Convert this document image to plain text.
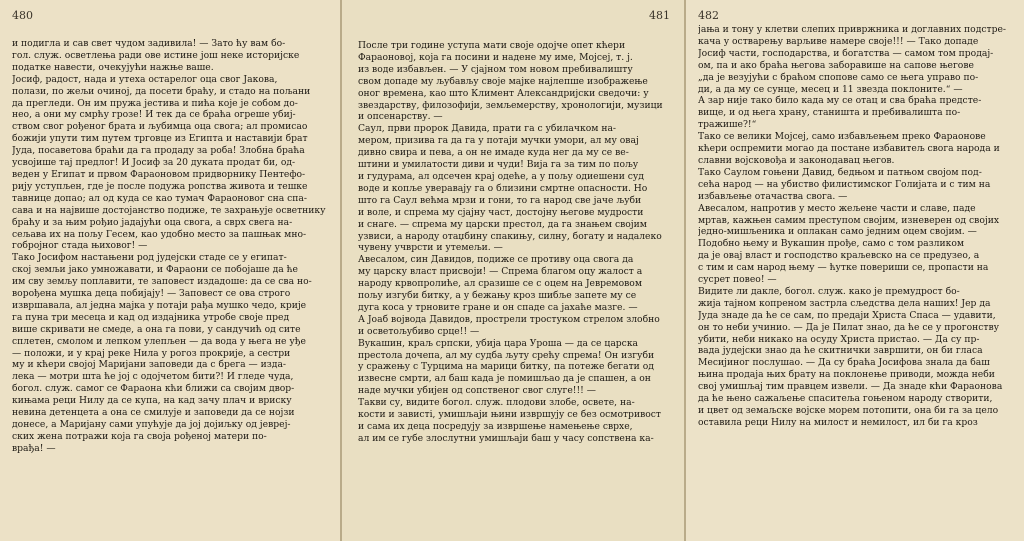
480
и подигла и сав свет чудом задивила! — Зато ћу вам бо-
гол. служ. осветлења ради ове истине још неке историјске
податке навести, очекујући нажње ваше.
Јосиф, радост, нада и утеха остарелог оца свог Јакова,
полази, по жељи очиној, да посети браћу, и стадо на пољани
да прегледи. Он им пружа јестива и пића које је собом до-
нео, а они му смрћу грозе! И тек да се браћа огреше убиј-
ством свог рођеног брата и љубимца оца свога; ал промисао
божији упути тим путем трговце из Египта и наставији брат
Јуда, посаветова браћи да га продаду за роба! Злобна браћа
усвојише тај предлог! И Јосиф за 20 дуката продат би, од-
веден у Египат и првом Фараоновом придворнику Пентефо-
рију уступљен, где је после подужа ропства живота и тешке
тавнице допао; ал од куда се као тумач Фараоновог сна спа-
сава и на највише достојанство подиже, те захрањује осветнику
браћу и за њим рођио јадајући оца свога, а сврх свега на-
сељава их на пољу Гесем, као удобно место за пашњак мно-
гобројног стада њиховог! —
Тако Јосифом настањени род јудејски стаде се у египат-
ској земљи јако умножавати, и Фараони се побојаше да ће
им сву земљу поплавити, те заповест издадоше: да се сва но-
ворођена мушка деца побијају! — Заповест се ова строго
извршавала, ал једна мајка у потаји рађа мушко чедо, крије
га пуна три месеца и кад од издајника утробе своје пред
више скривати не смеде, а она га пови, у сандучић од сите
сплетен, смолом и лепком улепљен — да вода у њега не уђе
— положи, и у крај реке Нила у рогоз прокријe, а сестри
му и кћери својој Маријани заповеди да с брега — изда-
лека — мотри шта ће јој с одојчетом бити?! И гледе чуда,
богол. служ. самог се Фараона кћи ближи са својим двор-
кињама реци Нилу да се купа, на кад зачу плач и вриску
невина детенцета а она се смилује и заповеди да се нојзи
донесе, а Маријану сами упућује да јој дојиљку од јевреј-
ских жена потражи која га своја рођеној матери по-
врађа! —
481
После три године уступа мати своје одојче опет кћери
Фараоновој, која га посини и надене му име, Мојсеј, т. ј.
из воде избављен. — У сјајном том новом пребивалишту
свом допаде му љубављу своје мајке најлепше изображење
оног времена, као што Климент Александријски сведочи: у
звездарству, филозофији, земљемерству, хронологији, музици
и опсенарству. —
Саул, први пророк Давида, прати га с убилачком на-
мером, призива га да га у потаји мучки умори, ал му овај
дивно свира и пева, а он не имаде куда нег да му се ве-
штини и умилатости диви и чуди! Вија га за тим по пољу
и гудурама, ал одсечен крај одеће, а у пољу одиешени суд
воде и копље уверавају га о близини смртне опасности. Но
што га Саул већма мрзи и гони, то га народ све јаче љуби
и воле, и спрема му сјајну част, достојну његове мудрости
и снаге. — спрема му царски престол, да га знањем својим
узвиси, а народу отаџбину спакињу, силну, богату и надалеко
чувену учврсти и утемељи. —
Авесалом, син Давидов, подиже се противу оца свога да
му царску власт присвоји! — Спрема благом оцу жалост а
народу крвопролиће, ал сразише се с оцем на Јевремовом
пољу изгуби битку, а у бежању кроз шибље запете му се
дуга коса у трновите гране и он спаде са јахаће мазге. —
А Јоаб војвода Давидов, прострели тростуком стрелом злобно
и осветољубиво срце!! —
Вукашин, краљ српски, убија цара Уроша — да се царска
престола дочепа, ал му судба љуту срећу спрема! Он изгуби
у сражењу с Турцима на марици битку, па потеже бегати од
извесне смрти, ал баш када је помишљао да је спашен, а он
наде мучки убијен од сопственог свог слуге!!! —
Такви су, видите богол. служ. плодови злобе, осветe, на-
кости и завистi, умишљаји њини извршују се без осмотривост
и сама их деца посредују за извршење намењење сврхе,
ал им се губе злослутни умишљаји баш у часу сопствена ка-
482
јања и тону у клетви слепих привржника и доглавних подстре-
кача у остварењу варљиве намере своје!!! — Тако допаде
Јосиф части, господарства, и богатства — самом том продај-
ом, па и ако браћа његова заборавише на сапове његове
„да је везујући с браћом спопове само се њега управо по-
ди, а да му се сунце, месец и 11 звезда поклоните.“ —
А зар није тако било када му се отац и сва браћа предсте-
вище, и од њега храну, станишта и пребивалишта по-
тражише?!“
Тако се велики Мојсеј, само избављењем преко Фараонове
кћери оспремити могао да постане избавитељ свога народа и
славни војсковођа и законодавац његов.
Тако Саулом гоњени Давид, бедњом и патњом својом под-
сећа народ — на убиство филистимског Голијата и с тим на
избављење отачаства свога. —
Авесалом, напротив у место жељене части и славе, паде
мртав, кажњен самим преступом својим, изневерен од својих
једно-мишљеника и оплакан само једним оцем својим. —
Подобно њему и Вукашин прође, само с том разликом
да је овај власт и господство краљевско на се предузео, а
с тим и сам народ њему — ћутке повериши се, пропасти на
сусрет повео! —
Видите ли дакле, богол. служ. како је премудрост бо-
жија тајном копреном застрла сљедства дела наших! Јер да
Јуда знаде да ће се сам, по предаји Христа Спаса — удавити,
он то неби учинио. — Да је Пилат знао, да ће се у прогонству
убити, неби никако на осуду Христа пристао. — Да су пр-
вада јудејски знао да ће скитнички завршити, он би гласа
Месијиног послушао. — Да су браћа Јосифова знала да баш
њина продаја њих брату на поклонење приводи, можда неби
свој умишљај тим правцем извели. — Да знаде кћи Фараонова
да ће њено сажаљење спаситеља гоњеном народу створити,
и цвет од земаљске војске морем потопити, она би га за цело
оставила реци Нилу на милост и немилост, ил би га кроз
